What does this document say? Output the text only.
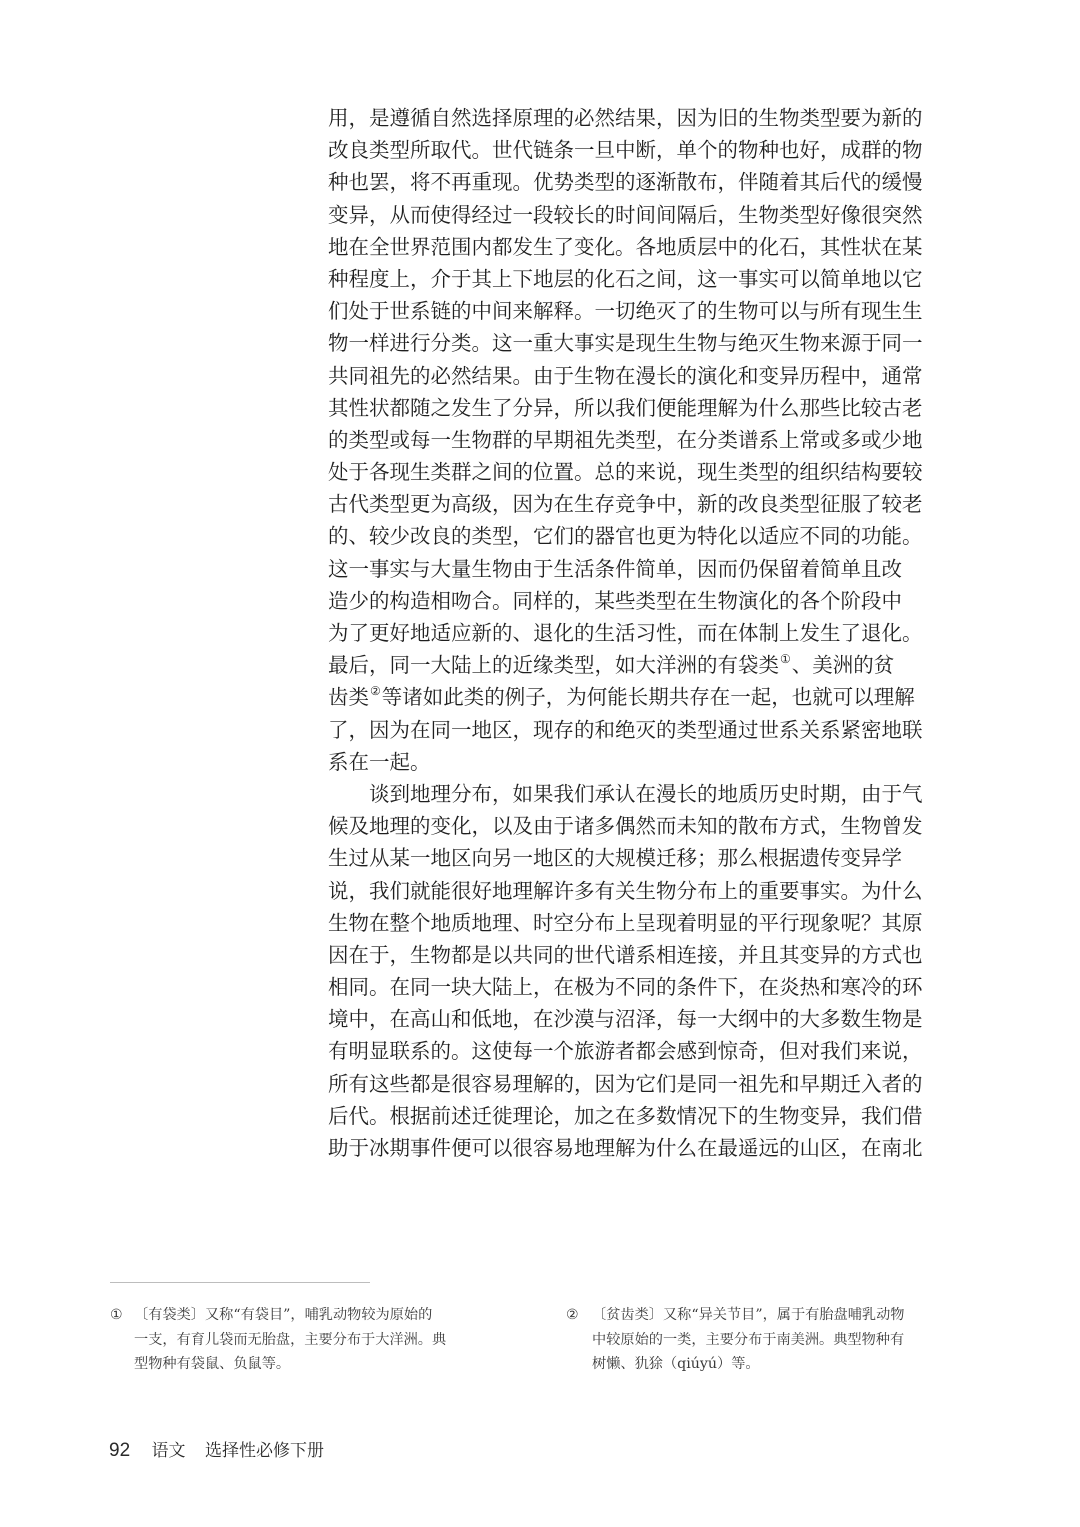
用，是遵循自然选择原理的必然结果，因为旧的生物类型要为新的
改良类型所取代。世代链条一旦中断，单个的物种也好，成群的物
种也罢，将不再重现。优势类型的逐渐散布，伴随着其后代的缓慢
变异，从而使得经过一段较长的时间间隔后，生物类型好像很突然
地在全世界范围内都发生了变化。各地质层中的化石，其性状在某
种程度上，介于其上下地层的化石之间，这一事实可以简单地以它
们处于世系链的中间来解释。一切绝灭了的生物可以与所有现生生
物一样进行分类。这一重大事实是现生生物与绝灭生物来源于同一
共同祖先的必然结果。由于生物在漫长的演化和变异历程中，通常
其性状都随之发生了分异，所以我们便能理解为什么那些比较古老
的类型或每一生物群的早期祖先类型，在分类谱系上常或多或少地
处于各现生类群之间的位置。总的来说，现生类型的组织结构要较
古代类型更为高级，因为在生存竞争中，新的改良类型征服了较老
的、较少改良的类型，它们的器官也更为特化以适应不同的功能。
这一事实与大量生物由于生活条件简单，因而仍保留着简单且改
造少的构造相吻合。同样的，某些类型在生物演化的各个阶段中
为了更好地适应新的、退化的生活习性，而在体制上发生了退化。
最后，同一大陆上的近缘类型，如大洋洲的有袋类①、美洲的贫
齿类②等诸如此类的例子，为何能长期共存在一起，也就可以理解
了，因为在同一地区，现存的和绝灭的类型通过世系关系紧密地联
系在一起。
　　谈到地理分布，如果我们承认在漫长的地质历史时期，由于气
候及地理的变化，以及由于诸多偶然而未知的散布方式，生物曾发
生过从某一地区向另一地区的大规模迁移；那么根据遗传变异学
说，我们就能很好地理解许多有关生物分布上的重要事实。为什么
生物在整个地质地理、时空分布上呈现着明显的平行现象呢？其原
因在于，生物都是以共同的世代谱系相连接，并且其变异的方式也
相同。在同一块大陆上，在极为不同的条件下，在炎热和寒冷的环
境中，在高山和低地，在沙漠与沼泽，每一大纲中的大多数生物是
有明显联系的。这使每一个旅游者都会感到惊奇，但对我们来说，
所有这些都是很容易理解的，因为它们是同一祖先和早期迁入者的
后代。根据前述迁徙理论，加之在多数情况下的生物变异，我们借
助于冰期事件便可以很容易地理解为什么在最遥远的山区，在南北
① 〔有袋类〕又称“有袋目”，哺乳动物较为原始的
一支，有育儿袋而无胎盘，主要分布于大洋洲。典
型物种有袋鼠、负鼠等。
② 〔贫齿类〕又称“异关节目”，属于有胎盘哺乳动物
中较原始的一类，主要分布于南美洲。典型物种有
树懒、犰狳（qiúyú）等。
92 语文 选择性必修下册
